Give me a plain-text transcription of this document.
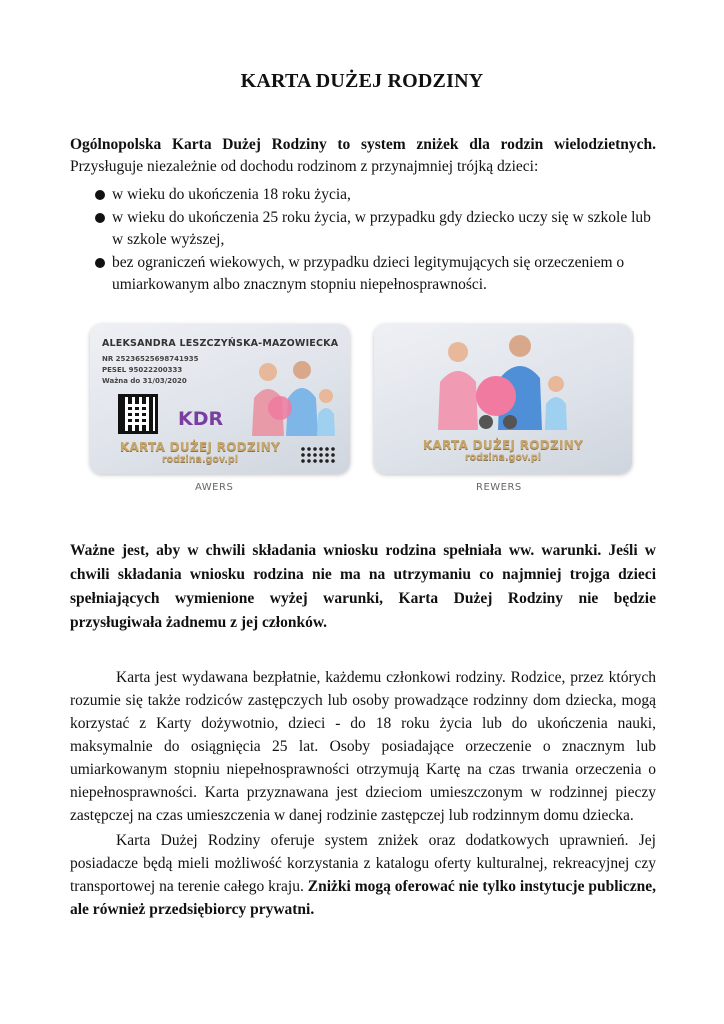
KARTA DUŻEJ RODZINY

Ogólnopolska Karta Dużej Rodziny to system zniżek dla rodzin wielodzietnych. Przysługuje niezależnie od dochodu rodzinom z przynajmniej trójką dzieci:

w wieku do ukończenia 18 roku życia,
w wieku do ukończenia 25 roku życia, w przypadku gdy dziecko uczy się w szkole lub w szkole wyższej,
bez ograniczeń wiekowych, w przypadku dzieci legitymujących się orzeczeniem o umiarkowanym albo znacznym stopniu niepełnosprawności.
ALEKSANDRA LESZCZYŃSKA-MAZOWIECKA
NR 25236525698741935
PESEL 95022200333
Ważna do 31/03/2020
KDR
KARTA DUŻEJ RODZINY
rodzina.gov.pl
KARTA DUŻEJ RODZINY
rodzina.gov.pl
AWERS	REWERS

Ważne jest, aby w chwili składania wniosku rodzina spełniała ww. warunki. Jeśli w chwili składania wniosku rodzina nie ma na utrzymaniu co najmniej trojga dzieci spełniających wymienione wyżej warunki, Karta Dużej Rodziny nie będzie przysługiwała żadnemu z jej członków.

Karta jest wydawana bezpłatnie, każdemu członkowi rodziny. Rodzice, przez których rozumie się także rodziców zastępczych lub osoby prowadzące rodzinny dom dziecka, mogą korzystać z Karty dożywotnio, dzieci - do 18 roku życia lub do ukończenia nauki, maksymalnie do osiągnięcia 25 lat. Osoby posiadające orzeczenie o znacznym lub umiarkowanym stopniu niepełnosprawności otrzymują Kartę na czas trwania orzeczenia o niepełnosprawności. Karta przyznawana jest dzieciom umieszczonym w rodzinnej pieczy zastępczej na czas umieszczenia w danej rodzinie zastępczej lub rodzinnym domu dziecka.

Karta Dużej Rodziny oferuje system zniżek oraz dodatkowych uprawnień. Jej posiadacze będą mieli możliwość korzystania z katalogu oferty kulturalnej, rekreacyjnej czy transportowej na terenie całego kraju. Zniżki mogą oferować nie tylko instytucje publiczne, ale również przedsiębiorcy prywatni.
